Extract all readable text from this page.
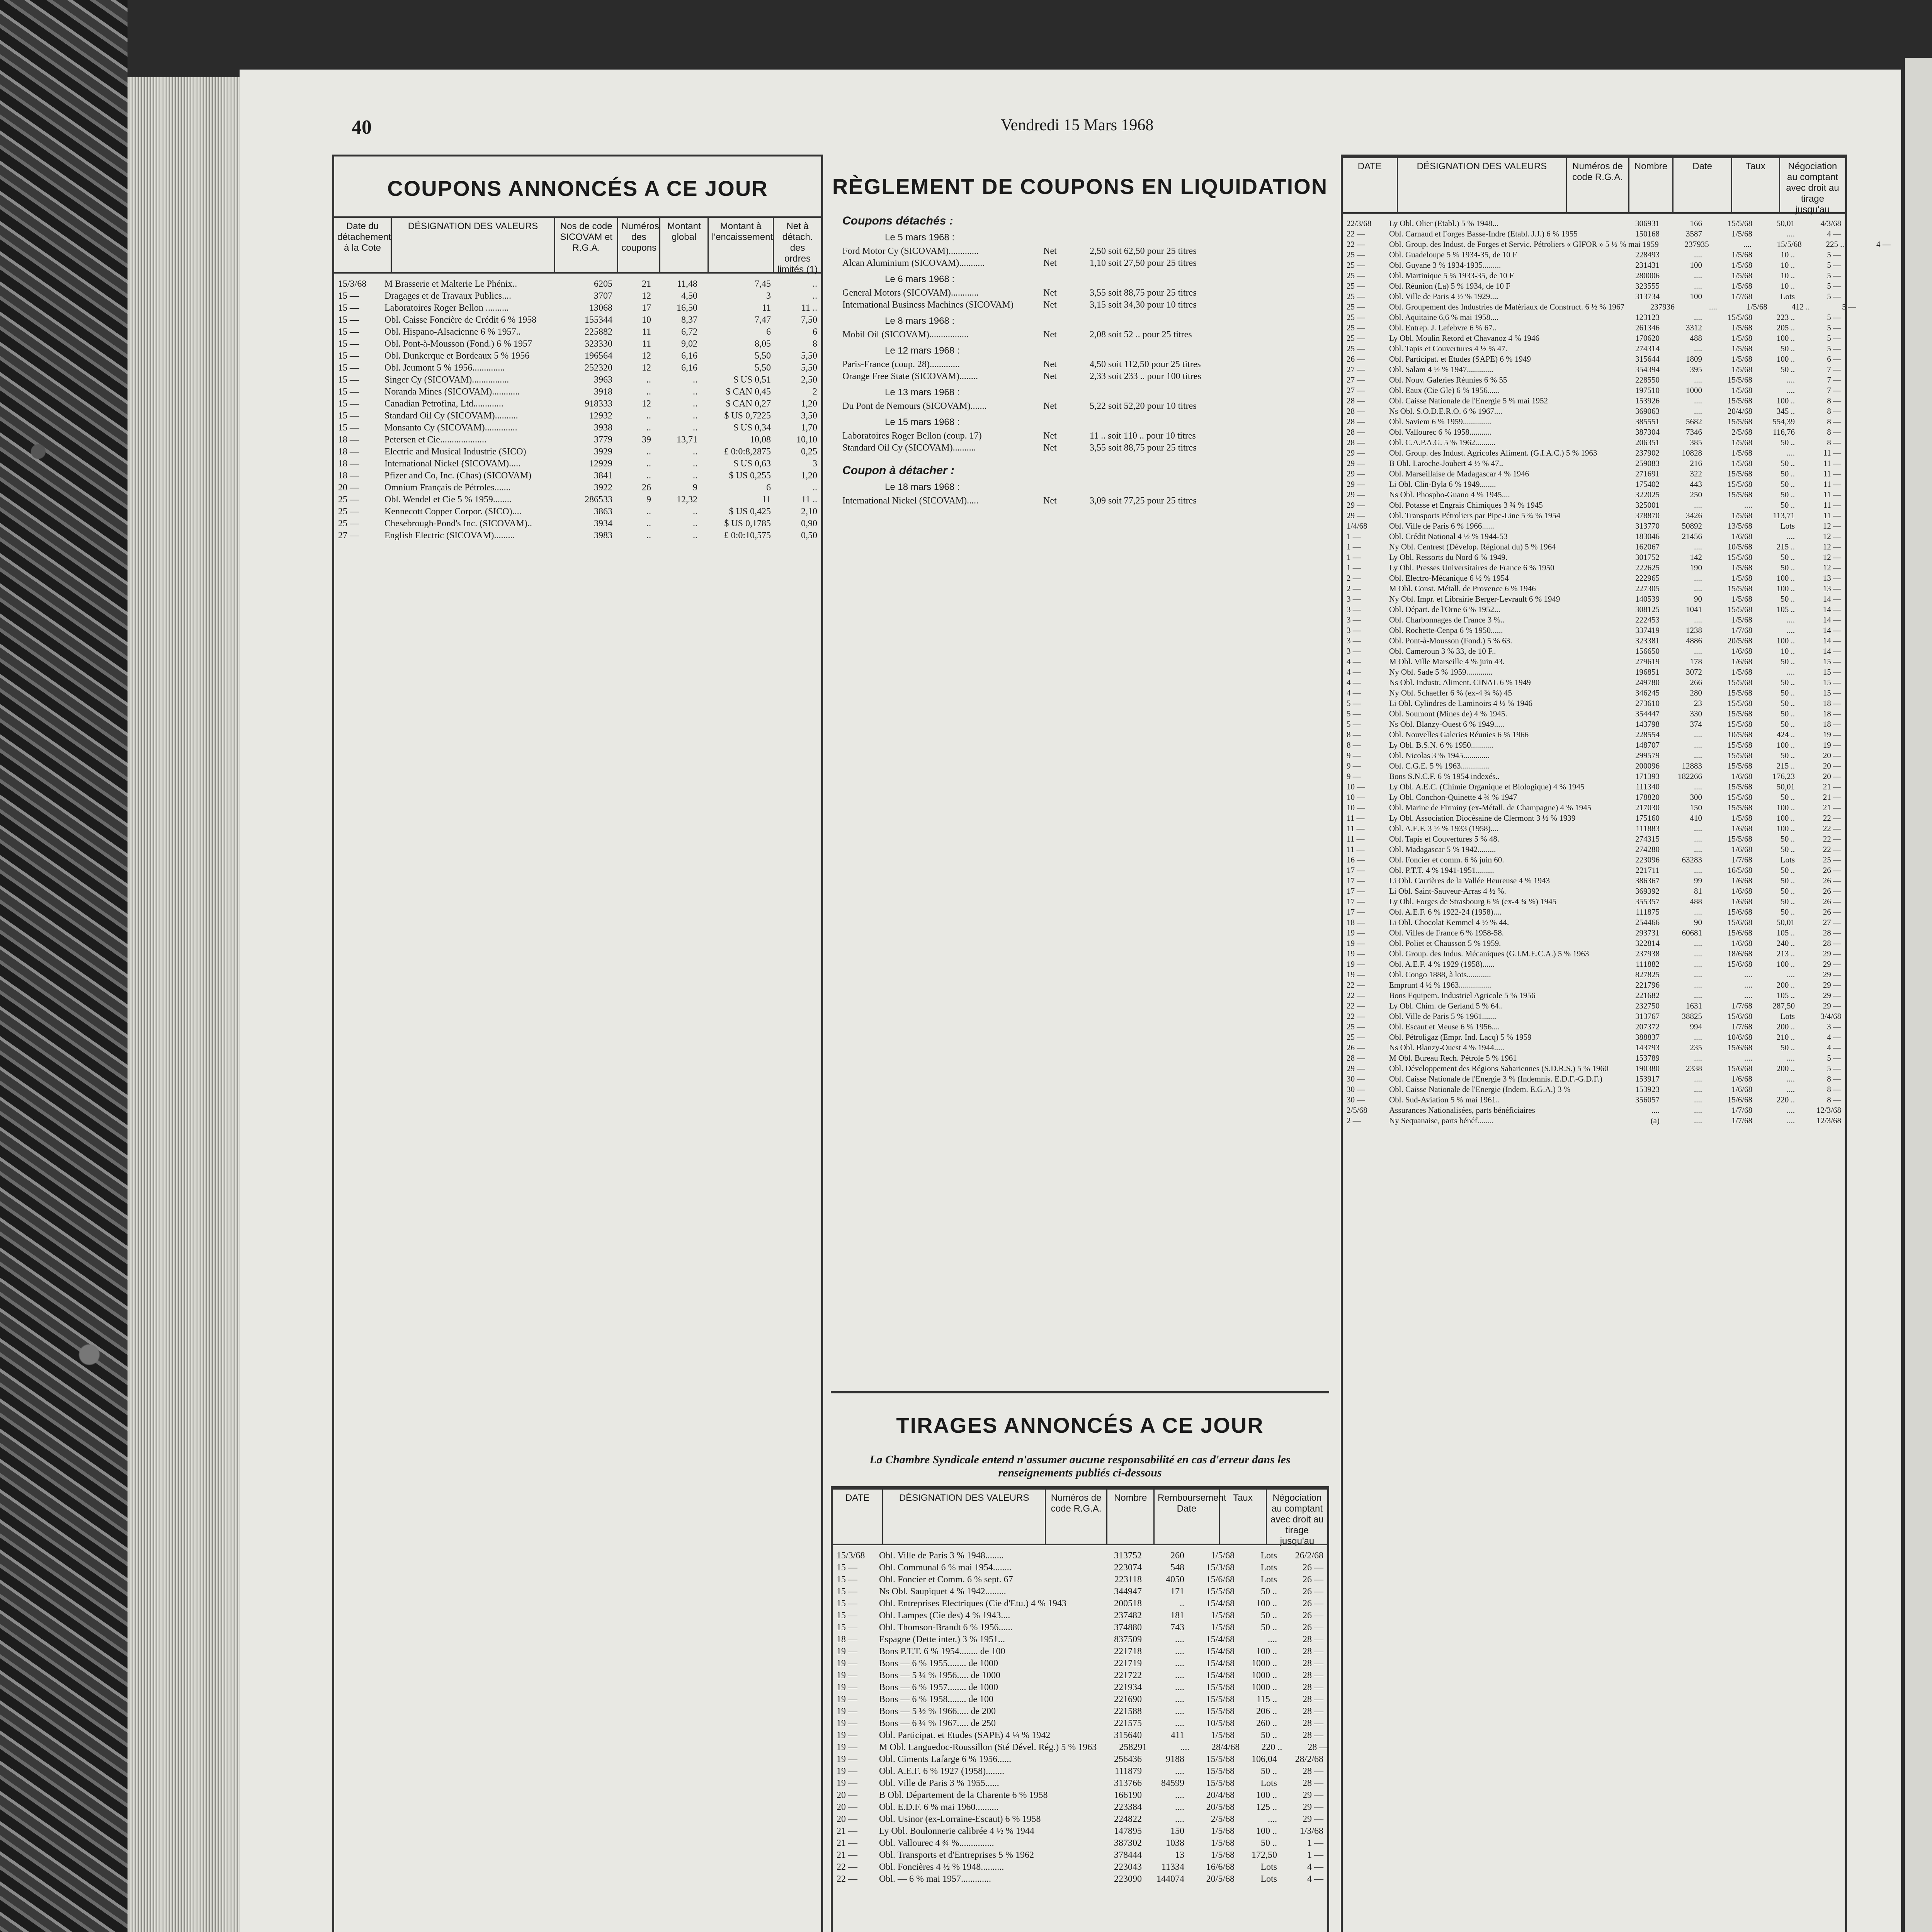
40	Vendredi 15 Mars 1968
COUPONS ANNONCÉS A CE JOUR
Date du détachement à la Cote
DÉSIGNATION DES VALEURS	Nos de code SICOVAM et R.G.A.
Numéros des coupons
Montant global
Montant à l'encaissement
Net à détach. des ordres limités (1)
15/3/68	M Brasserie et Malterie Le Phénix..	6205	21	11,48	7,45	..
15 —	Dragages et de Travaux Publics....	3707	12	4,50	3	..
15 —	Laboratoires Roger Bellon ..........	13068	17	16,50	11	11 ..
15 —	Obl. Caisse Foncière de Crédit 6 % 1958	155344	10	8,37	7,47	7,50
15 —	Obl. Hispano-Alsacienne 6 % 1957..	225882	11	6,72	6	6
15 —	Obl. Pont-à-Mousson (Fond.) 6 % 1957	323330	11	9,02	8,05	8
15 —	Obl. Dunkerque et Bordeaux 5 % 1956	196564	12	6,16	5,50	5,50
15 —	Obl. Jeumont 5 % 1956..............	252320	12	6,16	5,50	5,50
15 —	Singer Cy (SICOVAM)................	3963	..	..	$ US 0,51	2,50
15 —	Noranda Mines (SICOVAM)............	3918	..	..	$ CAN 0,45	2
15 —	Canadian Petrofina, Ltd.............	918333	12	..	$ CAN 0,27	1,20
15 —	Standard Oil Cy (SICOVAM)..........	12932	..	..	$ US 0,7225	3,50
15 —	Monsanto Cy (SICOVAM)..............	3938	..	..	$ US 0,34	1,70
18 —	Petersen et Cie....................	3779	39	13,71	10,08	10,10
18 —	Electric and Musical Industrie (SICO)	3929	..	..	£ 0:0:8,2875	0,25
18 —	International Nickel (SICOVAM).....	12929	..	..	$ US 0,63	3
18 —	Pfizer and Co, Inc. (Chas) (SICOVAM)	3841	..	..	$ US 0,255	1,20
20 —	Omnium Français de Pétroles.......	3922	26	9	6	..
25 —	Obl. Wendel et Cie 5 % 1959........	286533	9	12,32	11	11 ..
25 —	Kennecott Copper Corpor. (SICO)....	3863	..	..	$ US 0,425	2,10
25 —	Chesebrough-Pond's Inc. (SICOVAM)..	3934	..	..	$ US 0,1785	0,90
27 —	English Electric (SICOVAM).........	3983	..	..	£ 0:0:10,575	0,50
RÈGLEMENT DE COUPONS EN LIQUIDATION
Coupons détachés :
Le 5 mars 1968 :
Ford Motor Cy (SICOVAM).............	Net	2,50 soit 62,50 pour 25 titres
Alcan Aluminium (SICOVAM)...........	Net	1,10 soit 27,50 pour 25 titres
Le 6 mars 1968 :
General Motors (SICOVAM)............	Net	3,55 soit 88,75 pour 25 titres
International Business Machines (SICOVAM)	Net	3,15 soit 34,30 pour 10 titres
Le 8 mars 1968 :
Mobil Oil (SICOVAM).................	Net	2,08 soit 52 .. pour 25 titres
Le 12 mars 1968 :
Paris-France (coup. 28).............	Net	4,50 soit 112,50 pour 25 titres
Orange Free State (SICOVAM)........	Net	2,33 soit 233 .. pour 100 titres
Le 13 mars 1968 :
Du Pont de Nemours (SICOVAM).......	Net	5,22 soit 52,20 pour 10 titres
Le 15 mars 1968 :
Laboratoires Roger Bellon (coup. 17)	Net	11 .. soit 110 .. pour 10 titres
Standard Oil Cy (SICOVAM)..........	Net	3,55 soit 88,75 pour 25 titres
Coupon à détacher :
Le 18 mars 1968 :
International Nickel (SICOVAM).....	Net	3,09 soit 77,25 pour 25 titres
TIRAGES ANNONCÉS A CE JOUR
La Chambre Syndicale entend n'assumer aucune responsabilité en cas d'erreur dans les renseignements publiés ci-dessous
DATE	DÉSIGNATION DES VALEURS	Numéros de code R.G.A.
Nombre	Remboursement Date
Taux	Négociation au comptant avec droit au tirage jusqu'au
15/3/68	Obl. Ville de Paris 3 % 1948........	313752	260	1/5/68	Lots	26/2/68
15 —	Obl. Communal 6 % mai 1954........	223074	548	15/3/68	Lots	26 —
15 —	Obl. Foncier et Comm. 6 % sept. 67	223118	4050	15/6/68	Lots	26 —
15 —	Ns Obl. Saupiquet 4 % 1942.........	344947	171	15/5/68	50 ..	26 —
15 —	Obl. Entreprises Electriques (Cie d'Etu.) 4 % 1943	200518	..	15/4/68	100 ..	26 —
15 —	Obl. Lampes (Cie des) 4 % 1943....	237482	181	1/5/68	50 ..	26 —
15 —	Obl. Thomson-Brandt 6 % 1956......	374880	743	1/5/68	50 ..	26 —
18 —	Espagne (Dette inter.) 3 % 1951...	837509	....	15/4/68	....	28 —
19 —	Bons P.T.T. 6 % 1954........ de 100	221718	....	15/4/68	100 ..	28 —
19 —	Bons — 6 % 1955........ de 1000	221719	....	15/4/68	1000 ..	28 —
19 —	Bons — 5 ¼ % 1956..... de 1000	221722	....	15/4/68	1000 ..	28 —
19 —	Bons — 6 % 1957........ de 1000	221934	....	15/5/68	1000 ..	28 —
19 —	Bons — 6 % 1958........ de 100	221690	....	15/5/68	115 ..	28 —
19 —	Bons — 5 ½ % 1966..... de 200	221588	....	15/5/68	206 ..	28 —
19 —	Bons — 6 ¼ % 1967..... de 250	221575	....	10/5/68	260 ..	28 —
19 —	Obl. Participat. et Etudes (SAPE) 4 ¼ % 1942	315640	411	1/5/68	50 ..	28 —
19 —	M Obl. Languedoc-Roussillon (Sté Dével. Rég.) 5 % 1963	258291	....	28/4/68	220 ..	28 —
19 —	Obl. Ciments Lafarge 6 % 1956......	256436	9188	15/5/68	106,04	28/2/68
19 —	Obl. A.E.F. 6 % 1927 (1958)........	111879	....	15/5/68	50 ..	28 —
19 —	Obl. Ville de Paris 3 % 1955......	313766	84599	15/5/68	Lots	28 —
20 —	B Obl. Département de la Charente 6 % 1958	166190	....	20/4/68	100 ..	29 —
20 —	Obl. E.D.F. 6 % mai 1960..........	223384	....	20/5/68	125 ..	29 —
20 —	Obl. Usinor (ex-Lorraine-Escaut) 6 % 1958	224822	....	2/5/68	....	29 —
21 —	Ly Obl. Boulonnerie calibrée 4 ½ % 1944	147895	150	1/5/68	100 ..	1/3/68
21 —	Obl. Vallourec 4 ¾ %...............	387302	1038	1/5/68	50 ..	1 —
21 —	Obl. Transports et d'Entreprises 5 % 1962	378444	13	1/5/68	172,50	1 —
22 —	Obl. Foncières 4 ½ % 1948..........	223043	11334	16/6/68	Lots	4 —
22 —	Obl. — 6 % mai 1957.............	223090	144074	20/5/68	Lots	4 —
DATE	DÉSIGNATION DES VALEURS	Numéros de code R.G.A.
Nombre	Date	Taux	Négociation au comptant avec droit au tirage jusqu'au
22/3/68	Ly Obl. Olier (Etabl.) 5 % 1948...	306931	166	15/5/68	50,01	4/3/68
22 —	Obl. Carnaud et Forges Basse-Indre (Etabl. J.J.) 6 % 1955	150168	3587	1/5/68	....	4 —
22 —	Obl. Group. des Indust. de Forges et Servic. Pétroliers « GIFOR » 5 ½ % mai 1959	237935	....	15/5/68	225 ..	4 —
25 —	Obl. Guadeloupe 5 % 1934-35, de 10 F	228493	....	1/5/68	10 ..	5 —
25 —	Obl. Guyane 3 % 1934-1935.........	231431	100	1/5/68	10 ..	5 —
25 —	Obl. Martinique 5 % 1933-35, de 10 F	280006	....	1/5/68	10 ..	5 —
25 —	Obl. Réunion (La) 5 % 1934, de 10 F	323555	....	1/5/68	10 ..	5 —
25 —	Obl. Ville de Paris 4 ½ % 1929....	313734	100	1/7/68	Lots	5 —
25 —	Obl. Groupement des Industries de Matériaux de Construct. 6 ½ % 1967	237936	....	1/5/68	412 ..	5 —
25 —	Obl. Aquitaine 6,6 % mai 1958....	123123	....	15/5/68	223 ..	5 —
25 —	Obl. Entrep. J. Lefebvre 6 % 67..	261346	3312	1/5/68	205 ..	5 —
25 —	Ly Obl. Moulin Retord et Chavanoz 4 % 1946	170620	488	1/5/68	100 ..	5 —
25 —	Obl. Tapis et Couvertures 4 ½ % 47.	274314	....	1/5/68	50 ..	5 —
26 —	Obl. Participat. et Etudes (SAPE) 6 % 1949	315644	1809	1/5/68	100 ..	6 —
27 —	Obl. Salam 4 ½ % 1947.............	354394	395	1/5/68	50 ..	7 —
27 —	Obl. Nouv. Galeries Réunies 6 % 55	228550	....	15/5/68	....	7 —
27 —	Obl. Eaux (Cie Gle) 6 % 1956......	197510	1000	1/5/68	....	7 —
28 —	Obl. Caisse Nationale de l'Energie 5 % mai 1952	153926	....	15/5/68	100 ..	8 —
28 —	Ns Obl. S.O.D.E.R.O. 6 % 1967....	369063	....	20/4/68	345 ..	8 —
28 —	Obl. Saviem 6 % 1959..............	385551	5682	15/5/68	554,39	8 —
28 —	Obl. Vallourec 6 % 1958...........	387304	7346	2/5/68	116,76	8 —
28 —	Obl. C.A.P.A.G. 5 % 1962..........	206351	385	1/5/68	50 ..	8 —
29 —	Obl. Group. des Indust. Agricoles Aliment. (G.I.A.C.) 5 % 1963	237902	10828	1/5/68	....	11 —
29 —	B Obl. Laroche-Joubert 4 ½ % 47..	259083	216	1/5/68	50 ..	11 —
29 —	Obl. Marseillaise de Madagascar 4 % 1946	271691	322	15/5/68	50 ..	11 —
29 —	Li Obl. Clin-Byla 6 % 1949........	175402	443	15/5/68	50 ..	11 —
29 —	Ns Obl. Phospho-Guano 4 % 1945....	322025	250	15/5/68	50 ..	11 —
29 —	Obl. Potasse et Engrais Chimiques 3 ¾ % 1945	325001	....	....	50 ..	11 —
29 —	Obl. Transports Pétroliers par Pipe-Line 5 ¾ % 1954	378870	3426	1/5/68	113,71	11 —
1/4/68	Obl. Ville de Paris 6 % 1966......	313770	50892	13/5/68	Lots	12 —
1 —	Obl. Crédit National 4 ½ % 1944-53	183046	21456	1/6/68	....	12 —
1 —	Ny Obl. Centrest (Dévelop. Régional du) 5 % 1964	162067	....	10/5/68	215 ..	12 —
1 —	Ly Obl. Ressorts du Nord 6 % 1949.	301752	142	15/5/68	50 ..	12 —
1 —	Ly Obl. Presses Universitaires de France 6 % 1950	222625	190	1/5/68	50 ..	12 —
2 —	Obl. Electro-Mécanique 6 ½ % 1954	222965	....	1/5/68	100 ..	13 —
2 —	M Obl. Const. Métall. de Provence 6 % 1946	227305	....	15/5/68	100 ..	13 —
3 —	Ny Obl. Impr. et Librairie Berger-Levrault 6 % 1949	140539	90	1/5/68	50 ..	14 —
3 —	Obl. Départ. de l'Orne 6 % 1952...	308125	1041	15/5/68	105 ..	14 —
3 —	Obl. Charbonnages de France 3 %..	222453	....	1/5/68	....	14 —
3 —	Obl. Rochette-Cenpa 6 % 1950......	337419	1238	1/7/68	....	14 —
3 —	Obl. Pont-à-Mousson (Fond.) 5 % 63.	323381	4886	20/5/68	100 ..	14 —
3 —	Obl. Cameroun 3 % 33, de 10 F..	156650	....	1/6/68	10 ..	14 —
4 —	M Obl. Ville Marseille 4 % juin 43.	279619	178	1/6/68	50 ..	15 —
4 —	Ny Obl. Sade 5 % 1959.............	196851	3072	1/5/68	....	15 —
4 —	Ns Obl. Industr. Aliment. CINAL 6 % 1949	249780	266	15/5/68	50 ..	15 —
4 —	Ny Obl. Schaeffer 6 % (ex-4 ¾ %) 45	346245	280	15/5/68	50 ..	15 —
5 —	Li Obl. Cylindres de Laminoirs 4 ½ % 1946	273610	23	15/5/68	50 ..	18 —
5 —	Obl. Soumont (Mines de) 4 % 1945.	354447	330	15/5/68	50 ..	18 —
5 —	Ns Obl. Blanzy-Ouest 6 % 1949.....	143798	374	15/5/68	50 ..	18 —
8 —	Obl. Nouvelles Galeries Réunies 6 % 1966	228554	....	10/5/68	424 ..	19 —
8 —	Ly Obl. B.S.N. 6 % 1950...........	148707	....	15/5/68	100 ..	19 —
9 —	Obl. Nicolas 3 % 1945.............	299579	....	15/5/68	50 ..	20 —
9 —	Obl. C.G.E. 5 % 1963..............	200096	12883	15/5/68	215 ..	20 —
9 —	Bons S.N.C.F. 6 % 1954 indexés..	171393	182266	1/6/68	176,23	20 —
10 —	Ly Obl. A.E.C. (Chimie Organique et Biologique) 4 % 1945	111340	....	15/5/68	50,01	21 —
10 —	Ly Obl. Conchon-Quinette 4 ¾ % 1947	178820	300	15/5/68	50 ..	21 —
10 —	Obl. Marine de Firminy (ex-Métall. de Champagne) 4 % 1945	217030	150	15/5/68	100 ..	21 —
11 —	Ly Obl. Association Diocésaine de Clermont 3 ½ % 1939	175160	410	1/5/68	100 ..	22 —
11 —	Obl. A.E.F. 3 ½ % 1933 (1958)....	111883	....	1/6/68	100 ..	22 —
11 —	Obl. Tapis et Couvertures 5 % 48.	274315	....	15/5/68	50 ..	22 —
11 —	Obl. Madagascar 5 % 1942.........	274280	....	1/6/68	50 ..	22 —
16 —	Obl. Foncier et comm. 6 % juin 60.	223096	63283	1/7/68	Lots	25 —
17 —	Obl. P.T.T. 4 % 1941-1951.........	221711	....	16/5/68	50 ..	26 —
17 —	Li Obl. Carrières de la Vallée Heureuse 4 % 1943	386367	99	1/6/68	50 ..	26 —
17 —	Li Obl. Saint-Sauveur-Arras 4 ½ %.	369392	81	1/6/68	50 ..	26 —
17 —	Ly Obl. Forges de Strasbourg 6 % (ex-4 ¾ %) 1945	355357	488	1/6/68	50 ..	26 —
17 —	Obl. A.E.F. 6 % 1922-24 (1958)....	111875	....	15/6/68	50 ..	26 —
18 —	Li Obl. Chocolat Kemmel 4 ½ % 44.	254466	90	15/6/68	50,01	27 —
19 —	Obl. Villes de France 6 % 1958-58.	293731	60681	15/6/68	105 ..	28 —
19 —	Obl. Poliet et Chausson 5 % 1959.	322814	....	1/6/68	240 ..	28 —
19 —	Obl. Group. des Indus. Mécaniques (G.I.M.E.C.A.) 5 % 1963	237938	....	18/6/68	213 ..	29 —
19 —	Obl. A.E.F. 4 % 1929 (1958)......	111882	....	15/6/68	100 ..	29 —
19 —	Obl. Congo 1888, à lots............	827825	....	....	....	29 —
22 —	Emprunt 4 ½ % 1963................	221796	....	....	200 ..	29 —
22 —	Bons Equipem. Industriel Agricole 5 % 1956	221682	....	....	105 ..	29 —
22 —	Ly Obl. Chim. de Gerland 5 % 64..	232750	1631	1/7/68	287,50	29 —
22 —	Obl. Ville de Paris 5 % 1961.......	313767	38825	15/6/68	Lots	3/4/68
25 —	Obl. Escaut et Meuse 6 % 1956....	207372	994	1/7/68	200 ..	3 —
25 —	Obl. Pétroligaz (Empr. Ind. Lacq) 5 % 1959	388837	....	10/6/68	210 ..	4 —
26 —	Ns Obl. Blanzy-Ouest 4 % 1944.....	143793	235	15/6/68	50 ..	4 —
28 —	M Obl. Bureau Rech. Pétrole 5 % 1961	153789	....	....	....	5 —
29 —	Obl. Développement des Régions Sahariennes (S.D.R.S.) 5 % 1960	190380	2338	15/6/68	200 ..	5 —
30 —	Obl. Caisse Nationale de l'Energie 3 % (Indemnis. E.D.F.-G.D.F.)	153917	....	1/6/68	....	8 —
30 —	Obl. Caisse Nationale de l'Energie (Indem. E.G.A.) 3 %	153923	....	1/6/68	....	8 —
30 —	Obl. Sud-Aviation 5 % mai 1961..	356057	....	15/6/68	220 ..	8 —
2/5/68	Assurances Nationalisées, parts bénéficiaires	....	....	1/7/68	....	12/3/68
2 —	Ny Sequanaise, parts bénéf........	(a)	....	1/7/68	....	12/3/68
